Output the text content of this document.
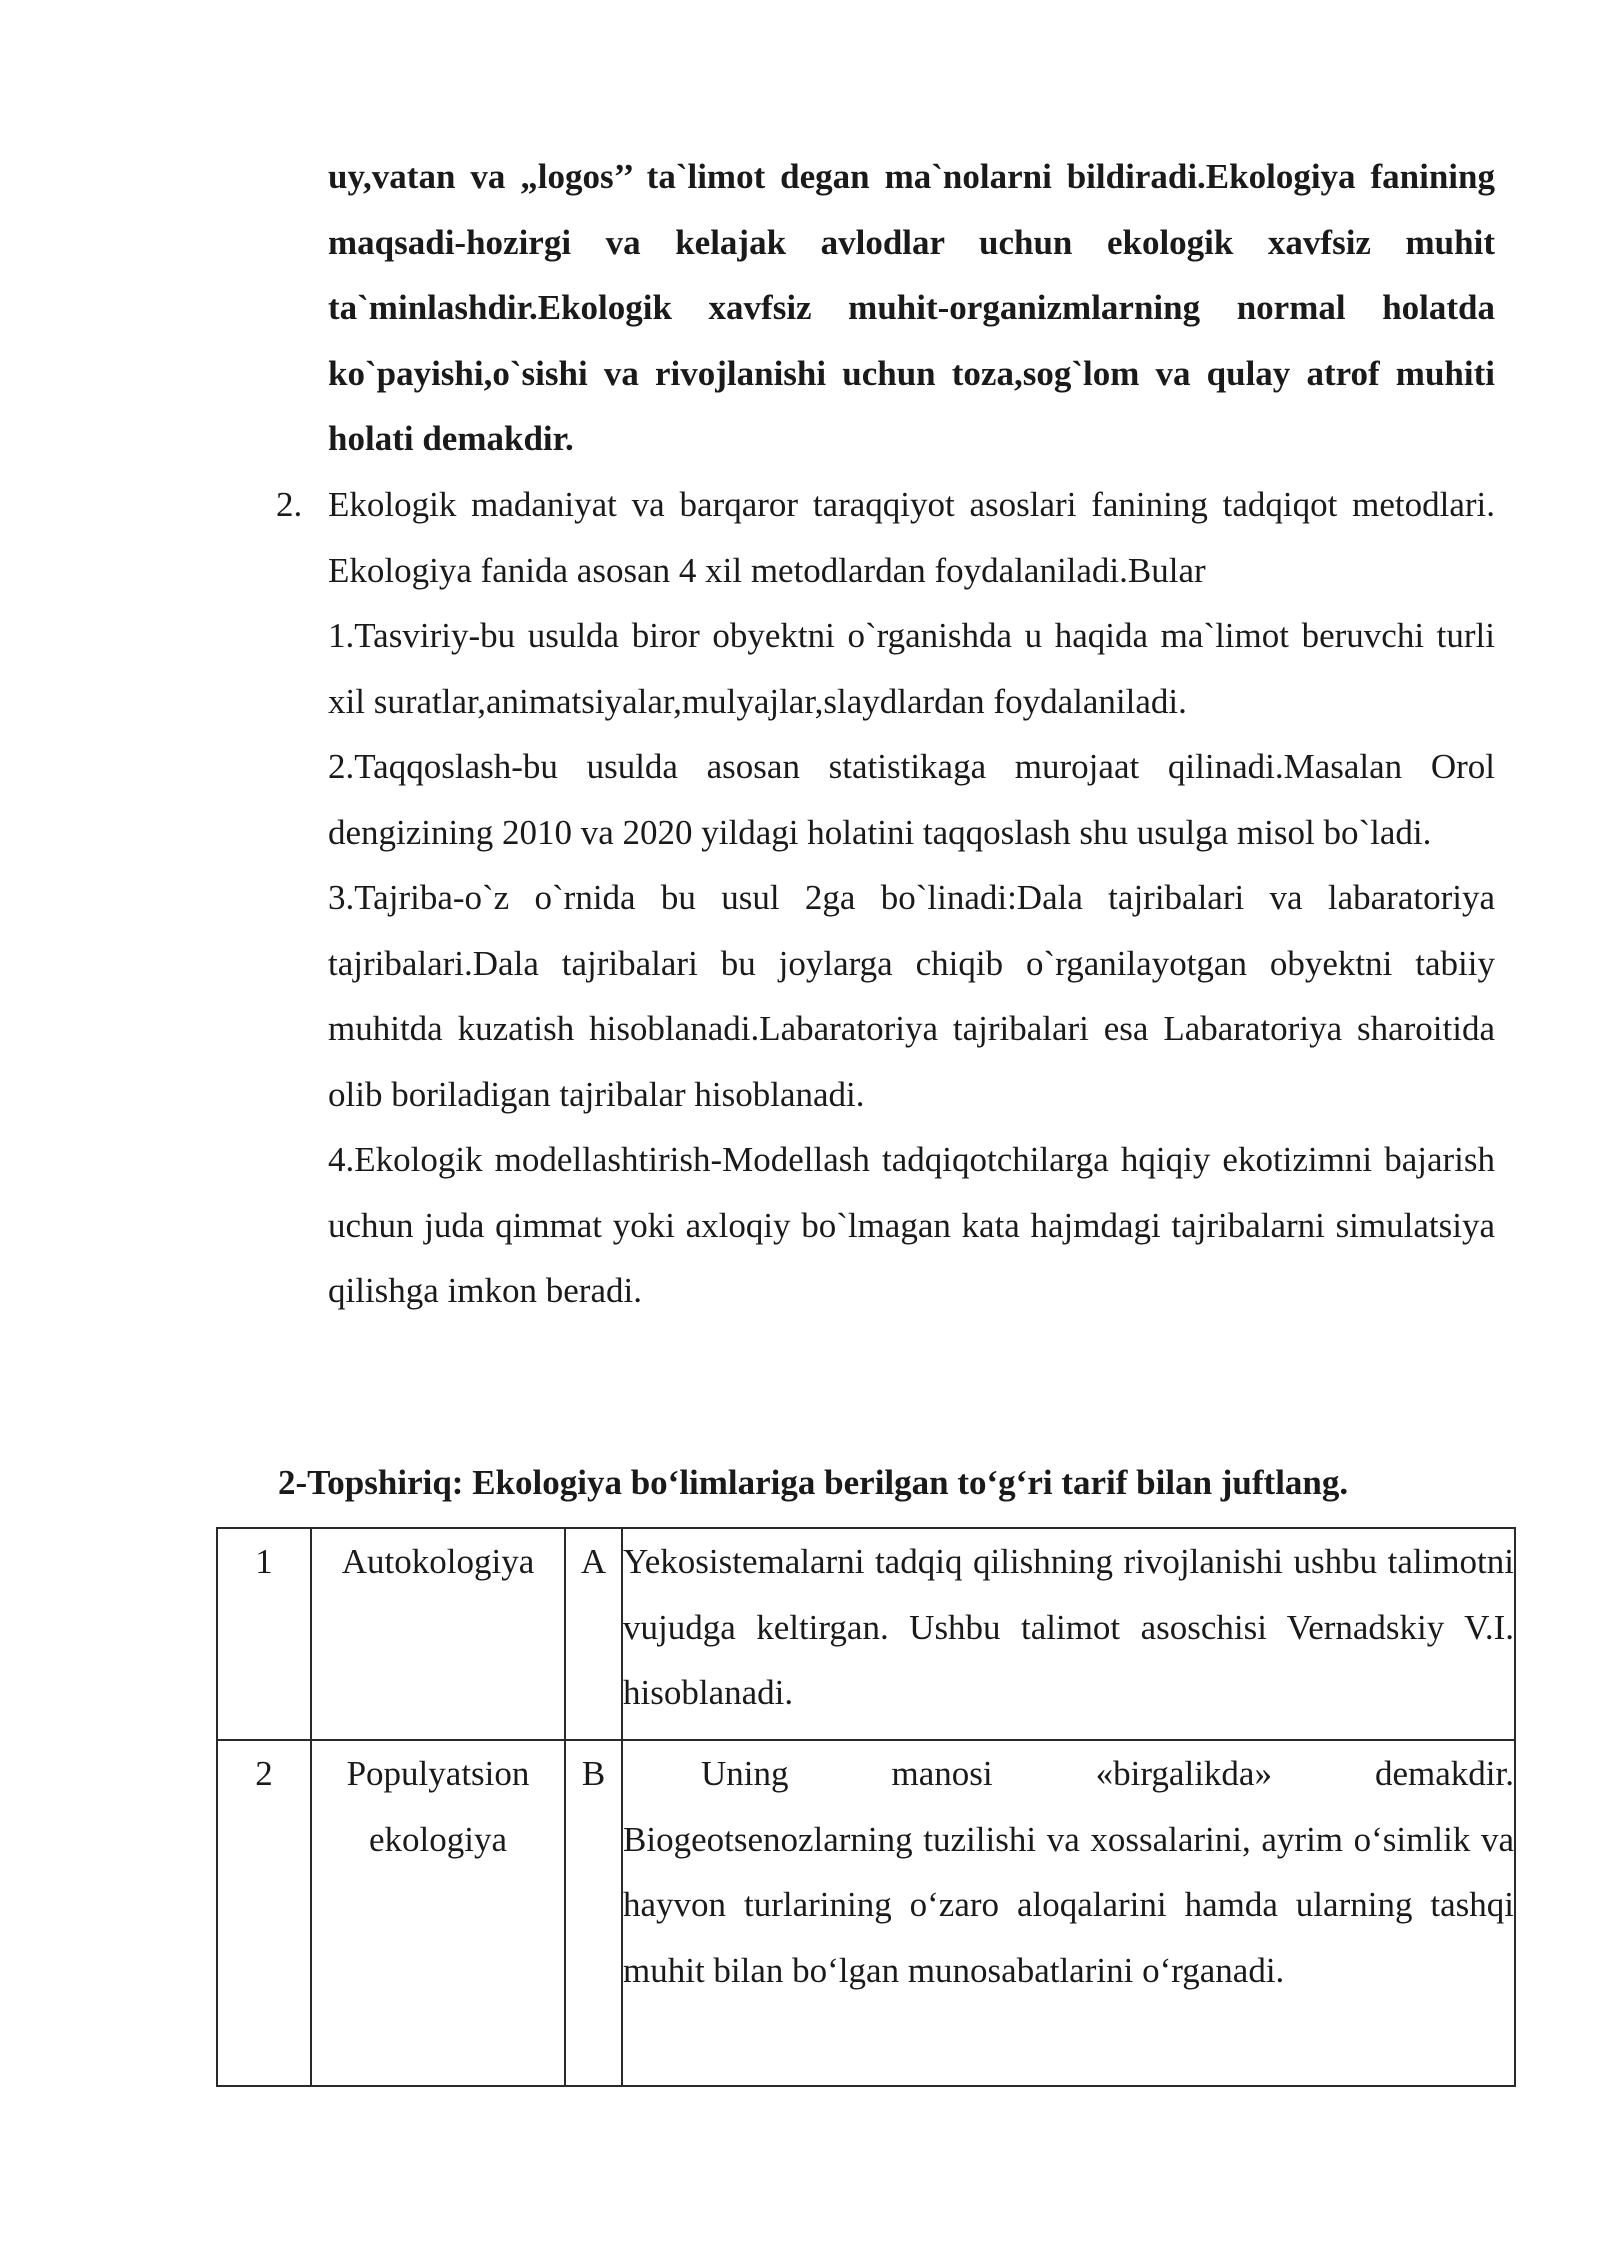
uy,vatan va „logos’’ ta`limot degan ma`nolarni bildiradi.Ekologiya fanining maqsadi-hozirgi va kelajak avlodlar uchun ekologik xavfsiz muhit ta`minlashdir.Ekologik xavfsiz muhit-organizmlarning normal holatda ko`payishi,o`sishi va rivojlanishi uchun toza,sog`lom va qulay atrof muhiti holati demakdir.

2. Ekologik madaniyat va barqaror taraqqiyot asoslari fanining tadqiqot metodlari. Ekologiya fanida asosan 4 xil metodlardan foydalaniladi.Bular

1.Tasviriy-bu usulda biror obyektni o`rganishda u haqida ma`limot beruvchi turli xil suratlar,animatsiyalar,mulyajlar,slaydlardan foydalaniladi.

2.Taqqoslash-bu usulda asosan statistikaga murojaat qilinadi.Masalan Orol dengizining 2010 va 2020 yildagi holatini taqqoslash shu usulga misol bo`ladi.

3.Tajriba-o`z o`rnida bu usul 2ga bo`linadi:Dala tajribalari va labaratoriya tajribalari.Dala tajribalari bu joylarga chiqib o`rganilayotgan obyektni tabiiy muhitda kuzatish hisoblanadi.Labaratoriya tajribalari esa Labaratoriya sharoitida olib boriladigan tajribalar hisoblanadi.

4.Ekologik modellashtirish-Modellash tadqiqotchilarga hqiqiy ekotizimni bajarish uchun juda qimmat yoki axloqiy bo`lmagan kata hajmdagi tajribalarni simulatsiya qilishga imkon beradi.

2-Topshiriq: Ekologiya bo‘limlariga berilgan to‘g‘ri tarif bilan juftlang.
1	Autokologiya	A	Yekosistemalarni tadqiq qilishning rivojlanishi ushbu talimotni vujudga keltirgan. Ushbu talimot asoschisi Vernadskiy V.I. hisoblanadi.
2	Populyatsion ekologiya	B	Uning manosi «birgalikda» demakdir. Biogeotsenozlarning tuzilishi va xossalarini, ayrim o‘simlik va hayvon turlarining o‘zaro aloqalarini hamda ularning tashqi muhit bilan bo‘lgan munosabatlarini o‘rganadi.
